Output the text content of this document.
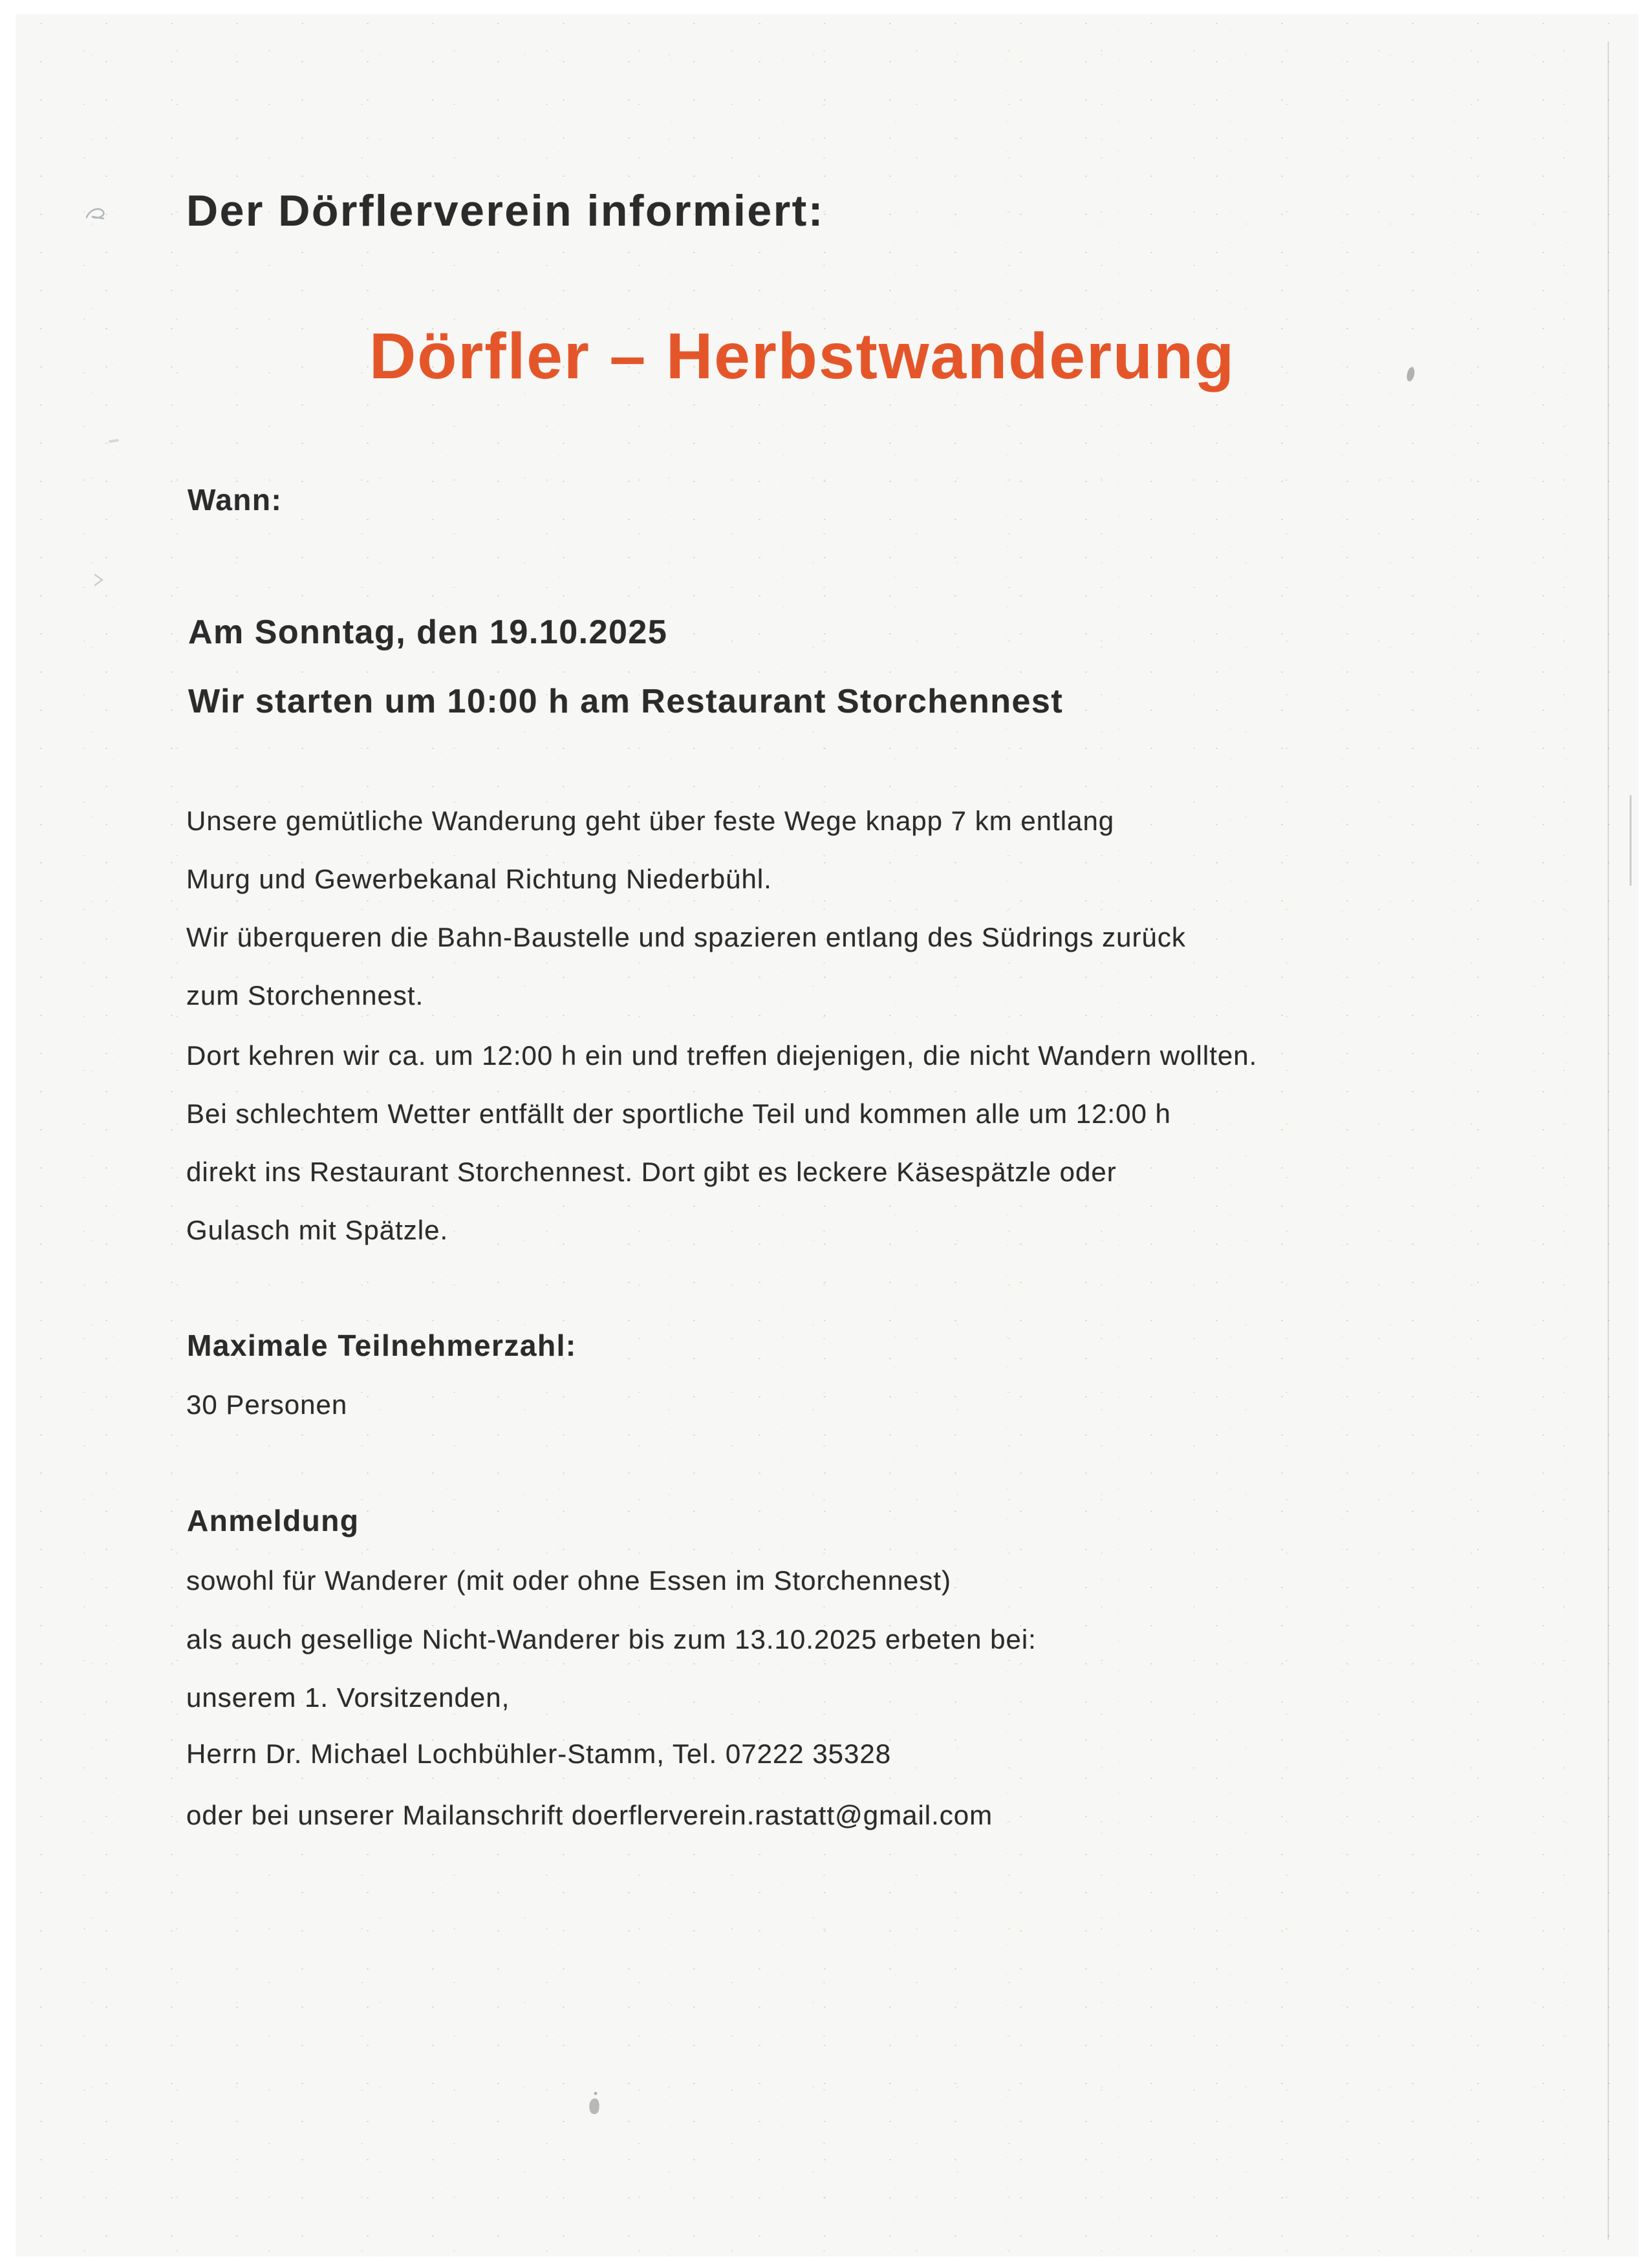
Der Dörflerverein informiert:
Dörfler – Herbstwanderung
Wann:
Am Sonntag, den 19.10.2025
Wir starten um 10:00 h am Restaurant Storchennest
Unsere gemütliche Wanderung geht über feste Wege knapp 7 km entlang
Murg und Gewerbekanal Richtung Niederbühl.
Wir überqueren die Bahn-Baustelle und spazieren entlang des Südrings zurück
zum Storchennest.
Dort kehren wir ca. um 12:00 h ein und treffen diejenigen, die nicht Wandern wollten.
Bei schlechtem Wetter entfällt der sportliche Teil und kommen alle um 12:00 h
direkt ins Restaurant Storchennest. Dort gibt es leckere Käsespätzle oder
Gulasch mit Spätzle.
Maximale Teilnehmerzahl:
30 Personen
Anmeldung
sowohl für Wanderer (mit oder ohne Essen im Storchennest)
als auch gesellige Nicht-Wanderer bis zum 13.10.2025 erbeten bei:
unserem 1. Vorsitzenden,
Herrn Dr. Michael Lochbühler-Stamm, Tel. 07222 35328
oder bei unserer Mailanschrift doerflerverein.rastatt@gmail.com
